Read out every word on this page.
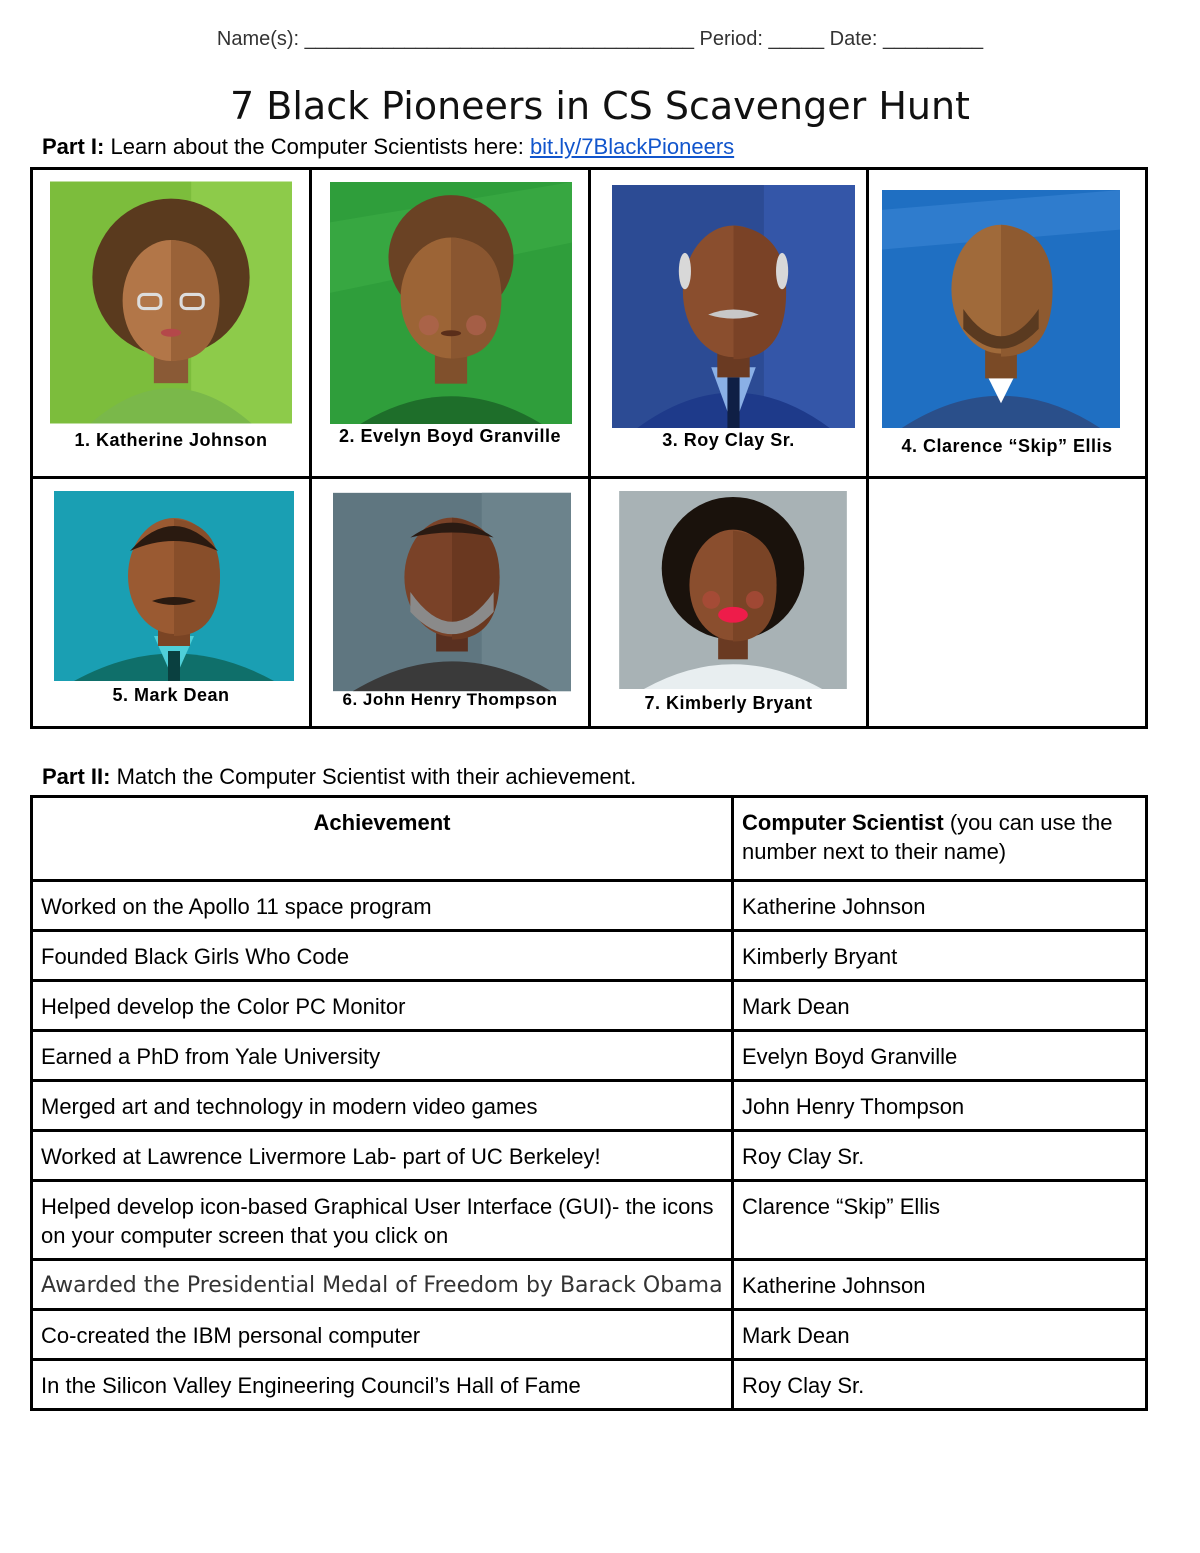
Name(s): ___________________________________ Period: _____ Date: _________
7 Black Pioneers in CS Scavenger Hunt
Part I: Learn about the Computer Scientists here: bit.ly/7BlackPioneers
1. Katherine Johnson	2. Evelyn Boyd Granville	3. Roy Clay Sr.	4. Clarence “Skip” Ellis
5. Mark Dean	6. John Henry Thompson	7. Kimberly Bryant
Part II: Match the Computer Scientist with their achievement.
Achievement	Computer Scientist (you can use the number next to their name)
Worked on the Apollo 11 space program	Katherine Johnson
Founded Black Girls Who Code	Kimberly Bryant
Helped develop the Color PC Monitor	Mark Dean
Earned a PhD from Yale University	Evelyn Boyd Granville
Merged art and technology in modern video games	John Henry Thompson
Worked at Lawrence Livermore Lab- part of UC Berkeley!	Roy Clay Sr.
Helped develop icon-based Graphical User Interface (GUI)- the icons on your computer screen that you click on	Clarence “Skip” Ellis
Awarded the Presidential Medal of Freedom by Barack Obama	Katherine Johnson
Co-created the IBM personal computer	Mark Dean
In the Silicon Valley Engineering Council’s Hall of Fame	Roy Clay Sr.
